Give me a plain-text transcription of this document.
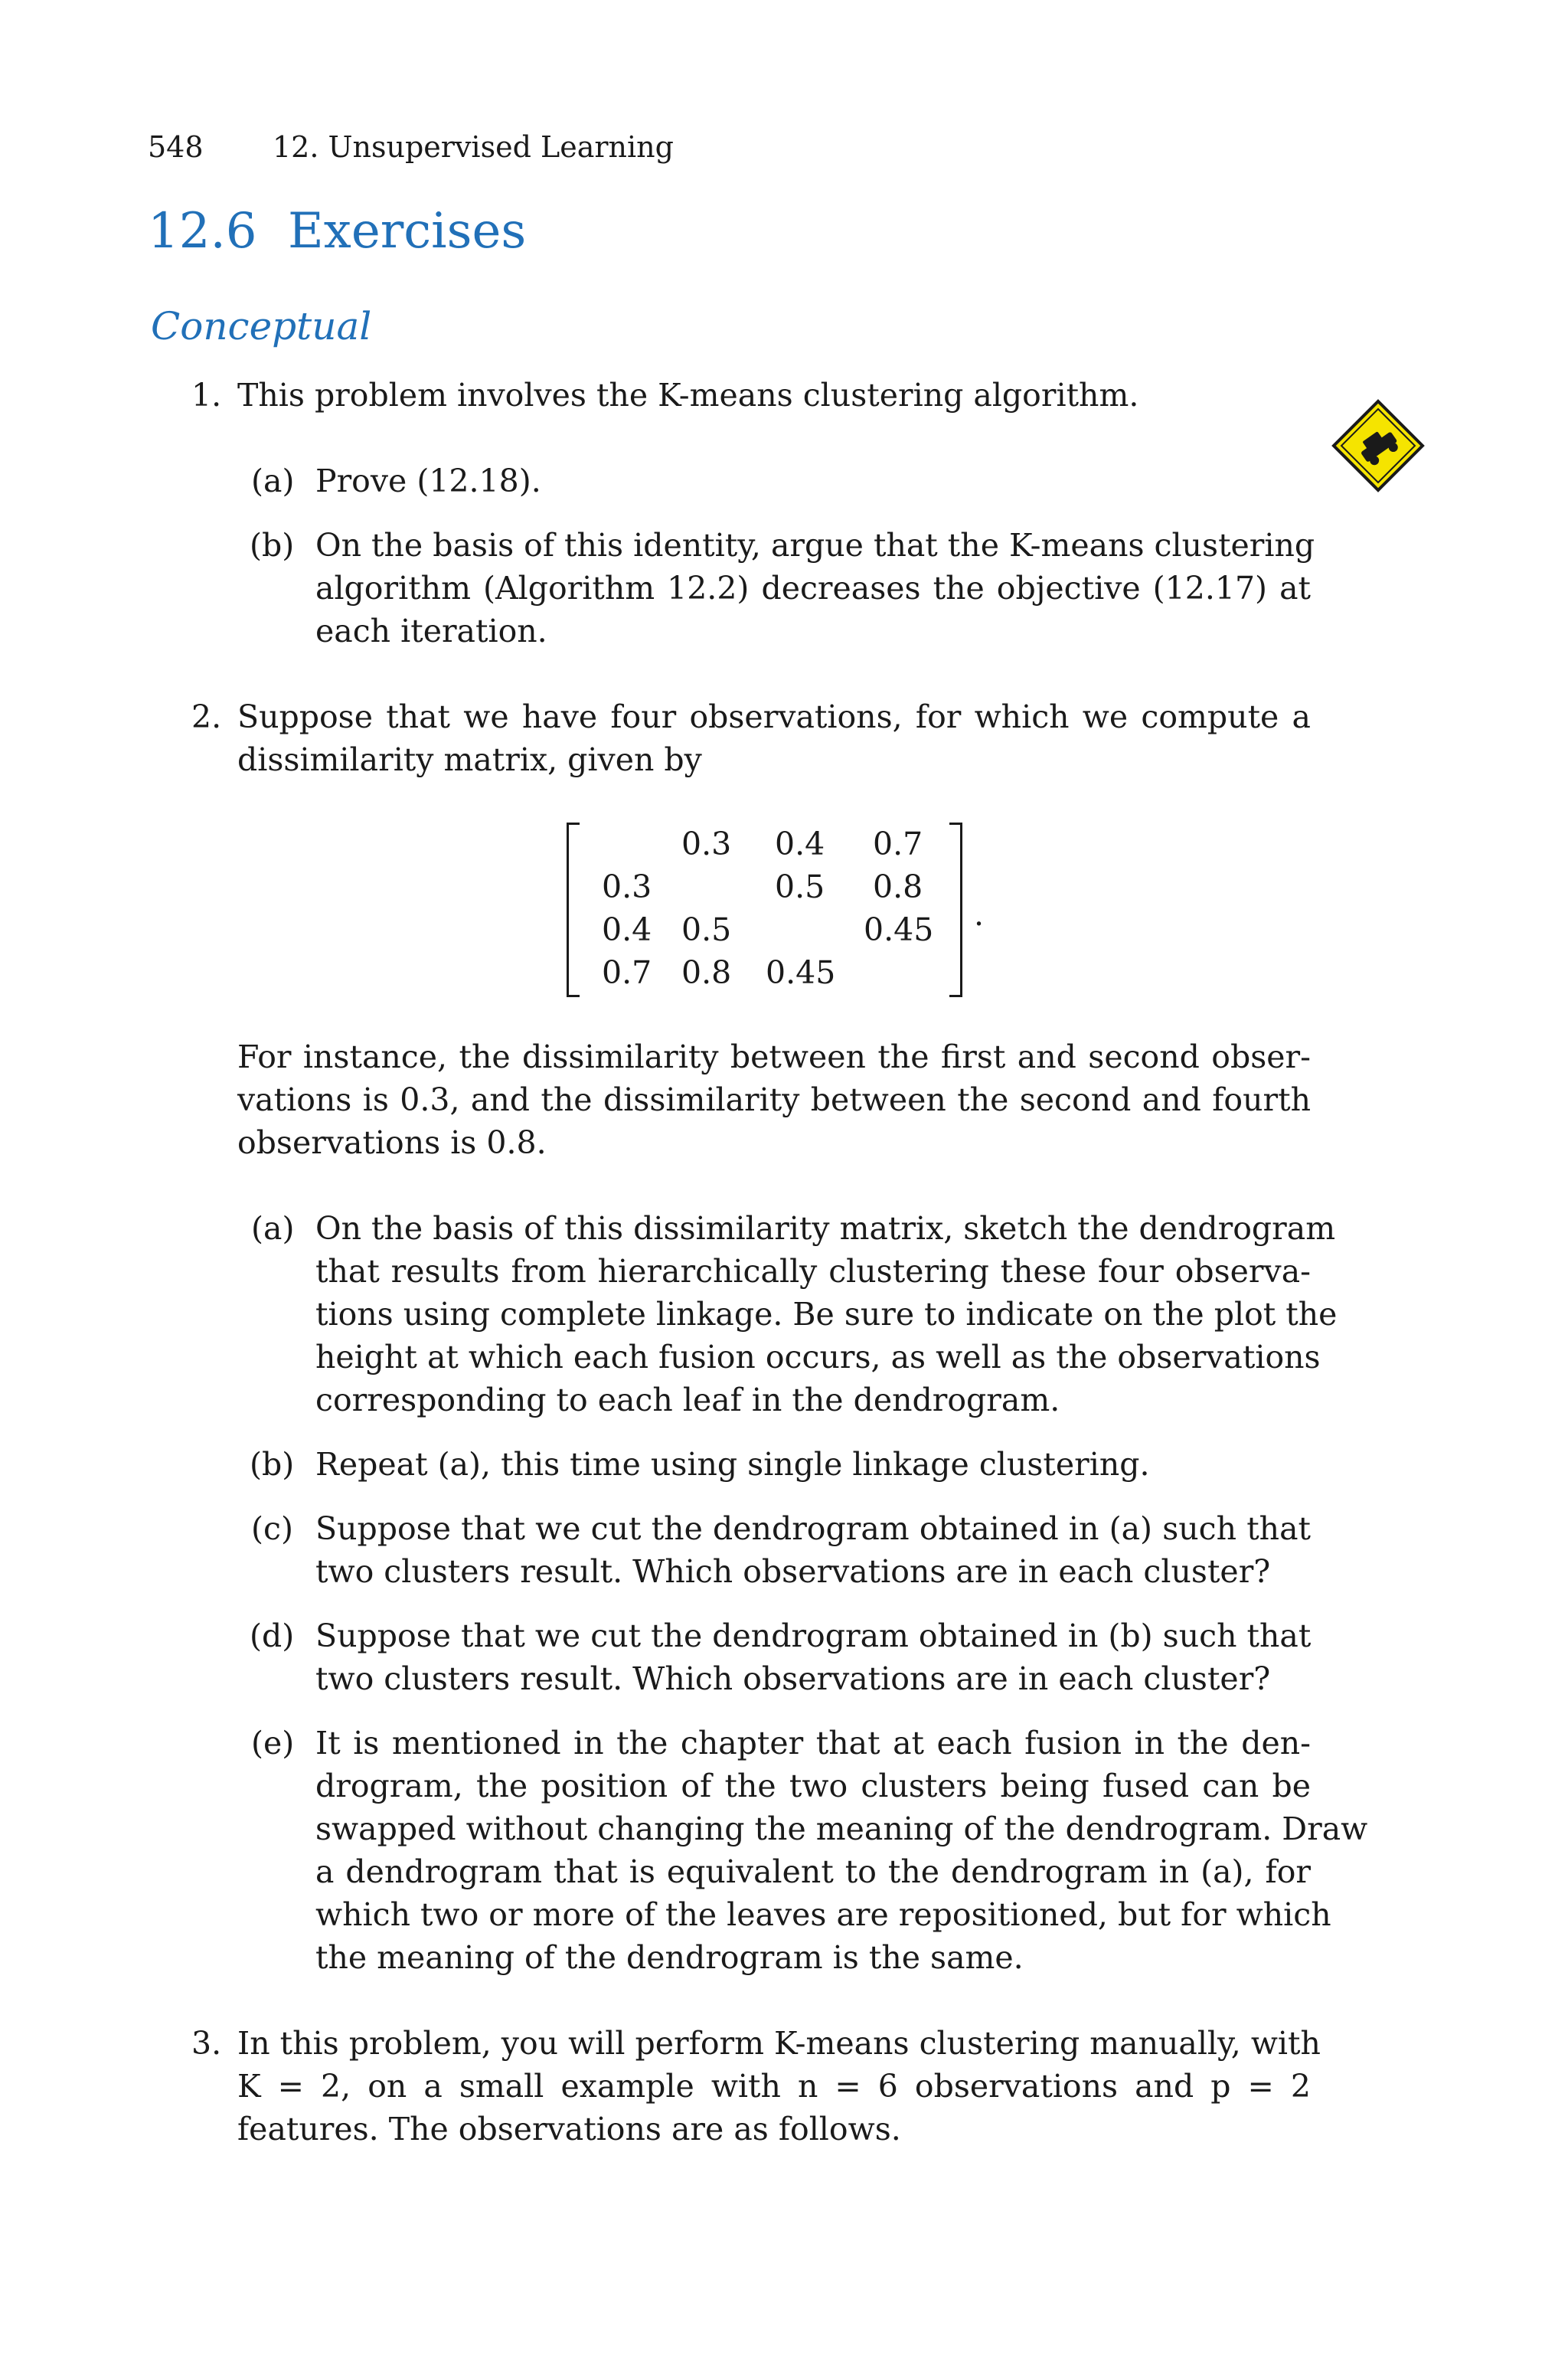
548 12. Unsupervised Learning
12.6 Exercises
Conceptual
1. This problem involves the K-means clustering algorithm.
(a) Prove (12.18).
(b) On the basis of this identity, argue that the K-means clustering
algorithm (Algorithm 12.2) decreases the objective (12.17) at
each iteration.
2. Suppose that we have four observations, for which we compute a
dissimilarity matrix, given by
0.3 0.4 0.7
0.3	0.5 0.8
0.4 0.5	0.45
0.7 0.8 0.45
.
For instance, the dissimilarity between the first and second obser-
vations is 0.3, and the dissimilarity between the second and fourth
observations is 0.8.
(a) On the basis of this dissimilarity matrix, sketch the dendrogram
that results from hierarchically clustering these four observa-
tions using complete linkage. Be sure to indicate on the plot the
height at which each fusion occurs, as well as the observations
corresponding to each leaf in the dendrogram.
(b) Repeat (a), this time using single linkage clustering.
(c) Suppose that we cut the dendrogram obtained in (a) such that
two clusters result. Which observations are in each cluster?
(d) Suppose that we cut the dendrogram obtained in (b) such that
two clusters result. Which observations are in each cluster?
(e) It is mentioned in the chapter that at each fusion in the den-
drogram, the position of the two clusters being fused can be
swapped without changing the meaning of the dendrogram. Draw
a dendrogram that is equivalent to the dendrogram in (a), for
which two or more of the leaves are repositioned, but for which
the meaning of the dendrogram is the same.
3. In this problem, you will perform K-means clustering manually, with
K = 2, on a small example with n = 6 observations and p = 2
features. The observations are as follows.
